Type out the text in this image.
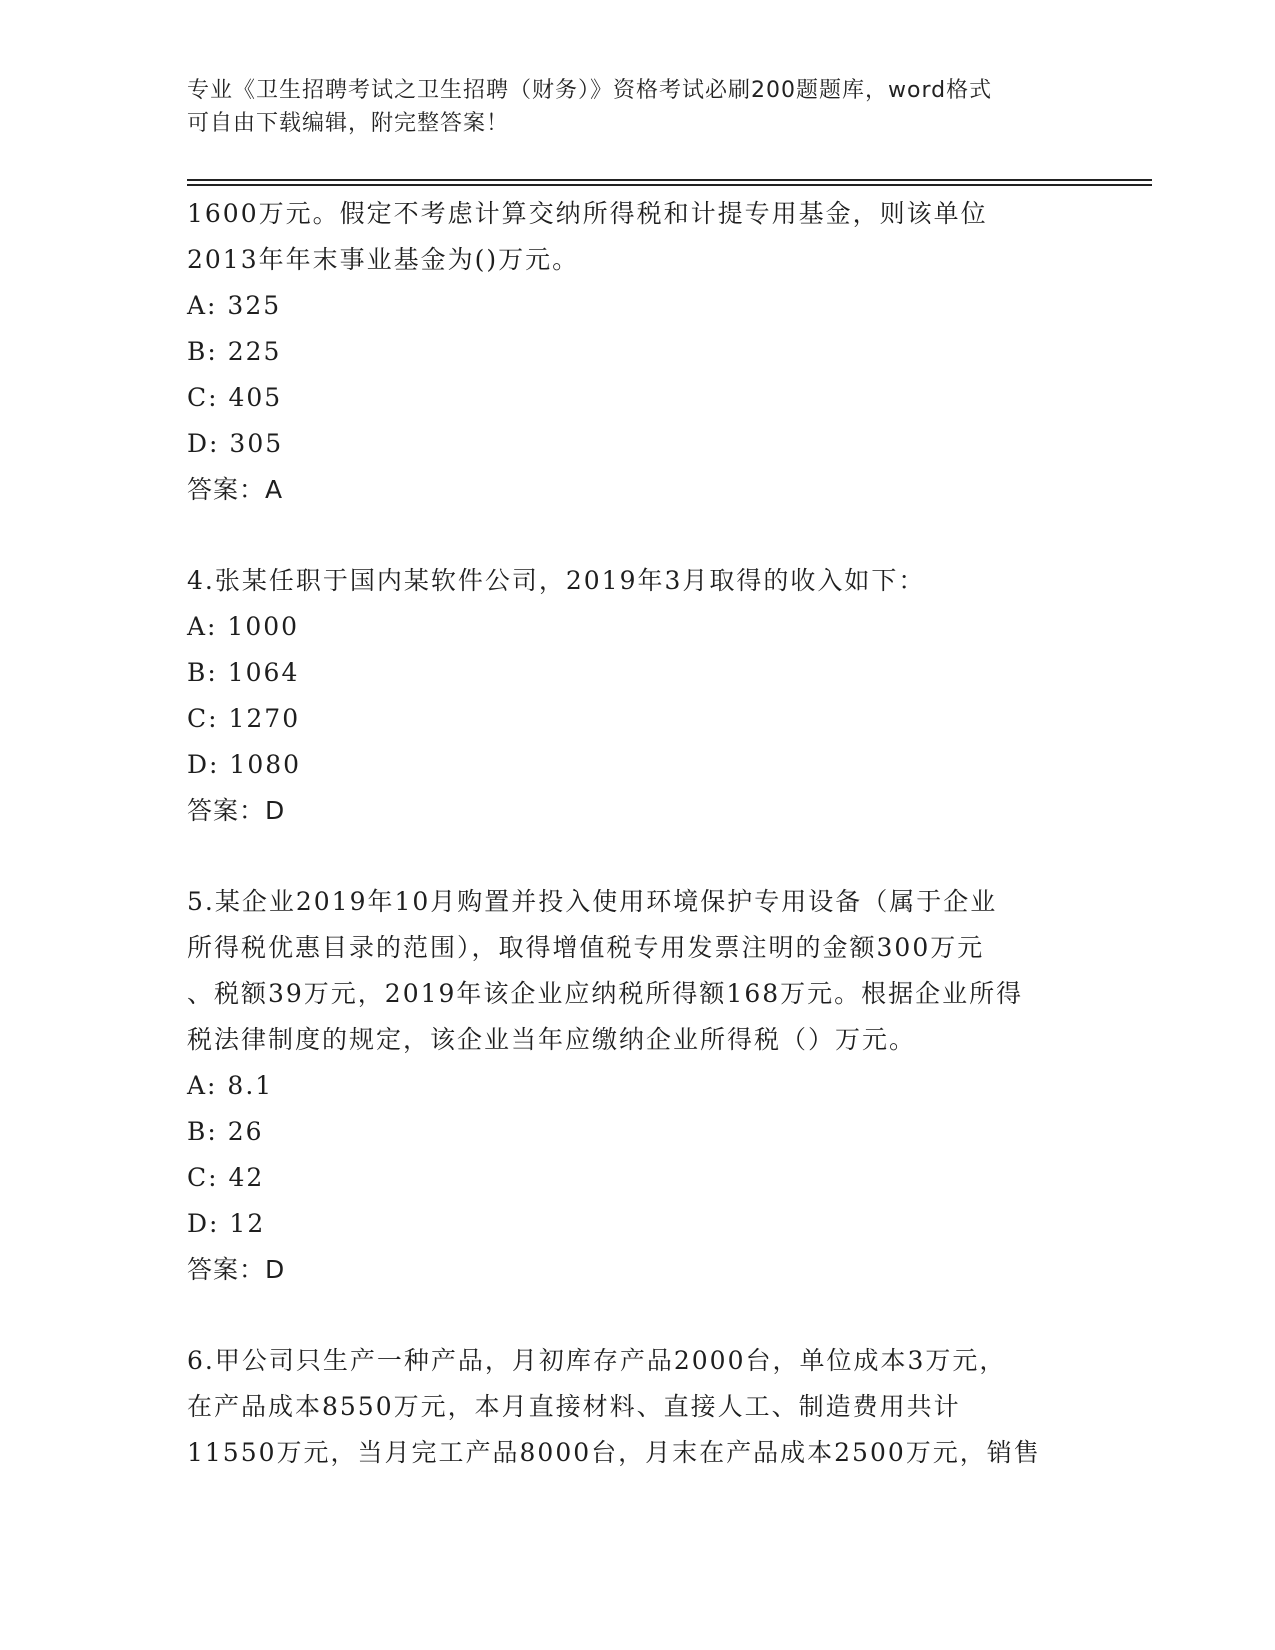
专业《卫生招聘考试之卫生招聘（财务）》资格考试必刷200题题库，word格式
可自由下载编辑，附完整答案！
1600万元。假定不考虑计算交纳所得税和计提专用基金，则该单位
2013年年末事业基金为()万元。
A: 325
B: 225
C: 405
D: 305
答案：A
4.张某任职于国内某软件公司，2019年3月取得的收入如下：
A: 1000
B: 1064
C: 1270
D: 1080
答案：D
5.某企业2019年10月购置并投入使用环境保护专用设备（属于企业
所得税优惠目录的范围），取得增值税专用发票注明的金额300万元
、税额39万元，2019年该企业应纳税所得额168万元。根据企业所得
税法律制度的规定，该企业当年应缴纳企业所得税（）万元。
A: 8.1
B: 26
C: 42
D: 12
答案：D
6.甲公司只生产一种产品，月初库存产品2000台，单位成本3万元，
在产品成本8550万元，本月直接材料、直接人工、制造费用共计
11550万元，当月完工产品8000台，月末在产品成本2500万元，销售
